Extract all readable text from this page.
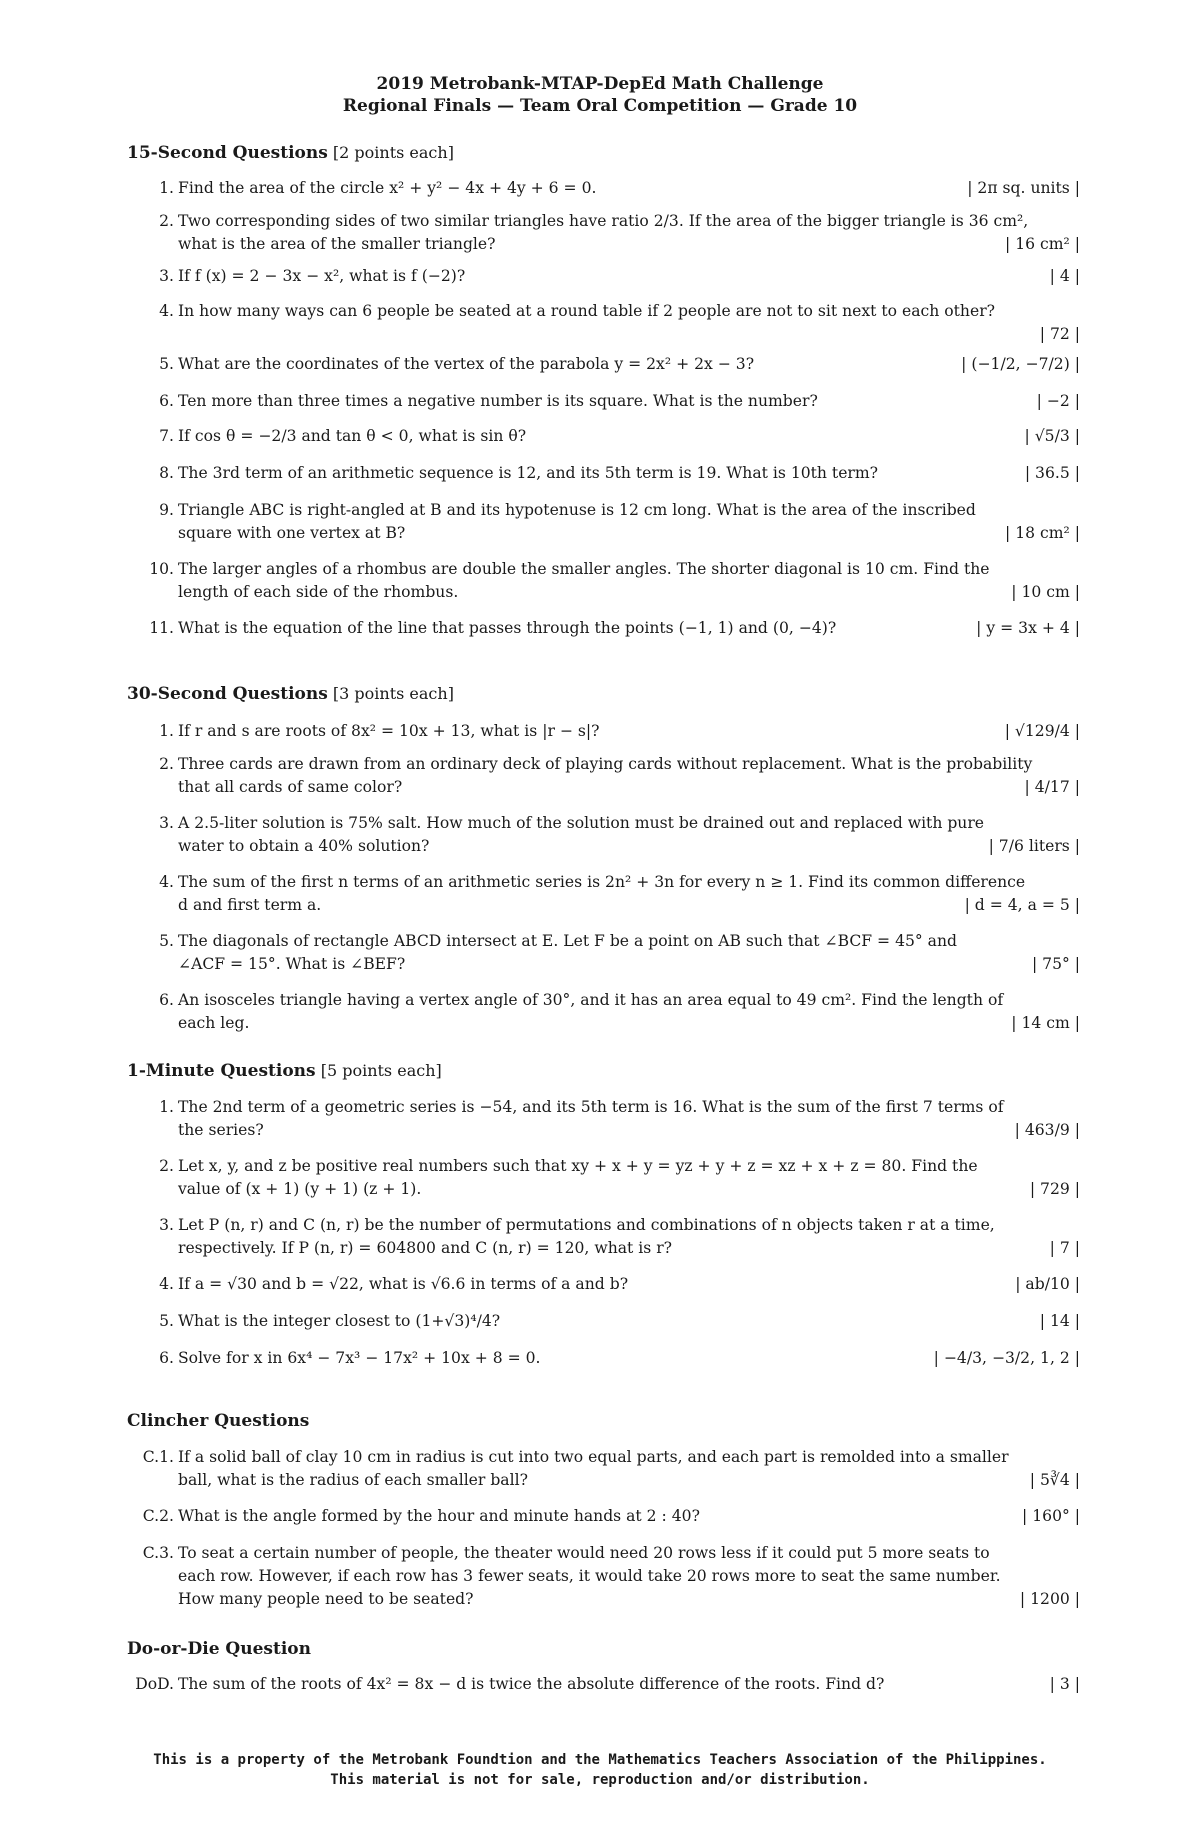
2019 Metrobank-MTAP-DepEd Math Challenge
Regional Finals — Team Oral Competition — Grade 10
15-Second Questions [2 points each]
1. Find the area of the circle x² + y² − 4x + 4y + 6 = 0.	| 2π sq. units |
2. Two corresponding sides of two similar triangles have ratio 2/3. If the area of the bigger triangle is 36 cm²,
what is the area of the smaller triangle?	| 16 cm² |
3. If f (x) = 2 − 3x − x², what is f (−2)?	| 4 |
4. In how many ways can 6 people be seated at a round table if 2 people are not to sit next to each other?
| 72 |
5. What are the coordinates of the vertex of the parabola y = 2x² + 2x − 3?	| (−1/2, −7/2) |
6. Ten more than three times a negative number is its square. What is the number?	| −2 |
7. If cos θ = −2/3 and tan θ < 0, what is sin θ?	| √5/3 |
8. The 3rd term of an arithmetic sequence is 12, and its 5th term is 19. What is 10th term?	| 36.5 |
9. Triangle ABC is right-angled at B and its hypotenuse is 12 cm long. What is the area of the inscribed
square with one vertex at B?	| 18 cm² |
10. The larger angles of a rhombus are double the smaller angles. The shorter diagonal is 10 cm. Find the
length of each side of the rhombus.	| 10 cm |
11. What is the equation of the line that passes through the points (−1, 1) and (0, −4)?	| y = 3x + 4 |
30-Second Questions [3 points each]
1. If r and s are roots of 8x² = 10x + 13, what is |r − s|?	| √129/4 |
2. Three cards are drawn from an ordinary deck of playing cards without replacement. What is the probability
that all cards of same color?	| 4/17 |
3. A 2.5-liter solution is 75% salt. How much of the solution must be drained out and replaced with pure
water to obtain a 40% solution?	| 7/6 liters |
4. The sum of the first n terms of an arithmetic series is 2n² + 3n for every n ≥ 1. Find its common difference
d and first term a.	| d = 4, a = 5 |
5. The diagonals of rectangle ABCD intersect at E. Let F be a point on AB such that ∠BCF = 45° and
∠ACF = 15°. What is ∠BEF?	| 75° |
6. An isosceles triangle having a vertex angle of 30°, and it has an area equal to 49 cm². Find the length of
each leg.	| 14 cm |
1-Minute Questions [5 points each]
1. The 2nd term of a geometric series is −54, and its 5th term is 16. What is the sum of the first 7 terms of
the series?	| 463/9 |
2. Let x, y, and z be positive real numbers such that xy + x + y = yz + y + z = xz + x + z = 80. Find the
value of (x + 1) (y + 1) (z + 1).	| 729 |
3. Let P (n, r) and C (n, r) be the number of permutations and combinations of n objects taken r at a time,
respectively. If P (n, r) = 604800 and C (n, r) = 120, what is r?	| 7 |
4. If a = √30 and b = √22, what is √6.6 in terms of a and b?	| ab/10 |
5. What is the integer closest to (1+√3)⁴/4?	| 14 |
6. Solve for x in 6x⁴ − 7x³ − 17x² + 10x + 8 = 0.	| −4/3, −3/2, 1, 2 |
Clincher Questions
C.1. If a solid ball of clay 10 cm in radius is cut into two equal parts, and each part is remolded into a smaller
ball, what is the radius of each smaller ball?	| 5∛4 |
C.2. What is the angle formed by the hour and minute hands at 2 : 40?	| 160° |
C.3. To seat a certain number of people, the theater would need 20 rows less if it could put 5 more seats to
each row. However, if each row has 3 fewer seats, it would take 20 rows more to seat the same number.
How many people need to be seated?	| 1200 |
Do-or-Die Question
DoD. The sum of the roots of 4x² = 8x − d is twice the absolute difference of the roots. Find d?	| 3 |
This is a property of the Metrobank Foundtion and the Mathematics Teachers Association of the Philippines.
This material is not for sale, reproduction and/or distribution.
